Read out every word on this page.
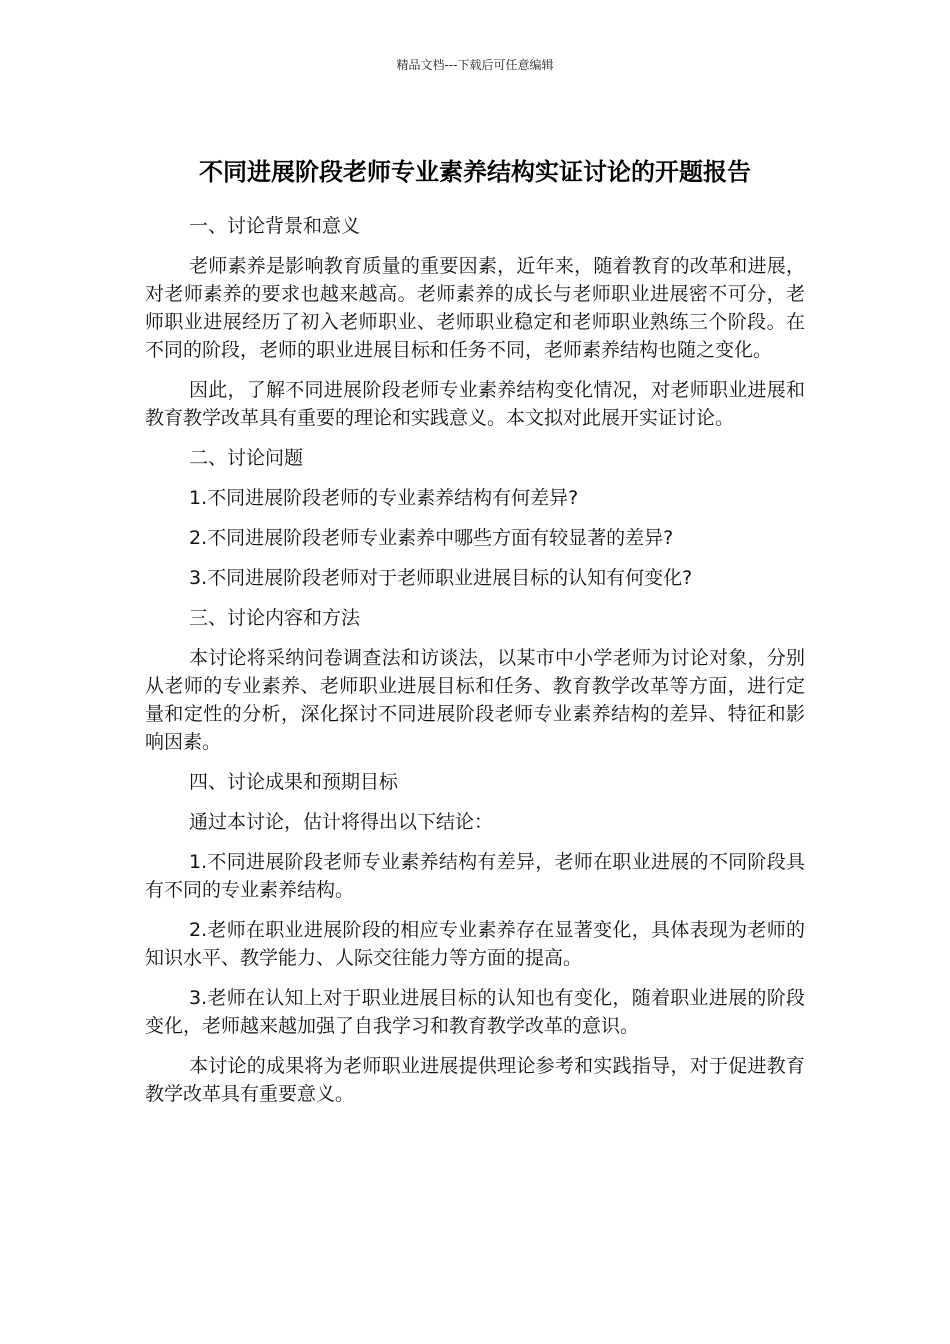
精品文档---下载后可任意编辑
不同进展阶段老师专业素养结构实证讨论的开题报告

一、讨论背景和意义

老师素养是影响教育质量的重要因素，近年来，随着教育的改革和进展，对老师素养的要求也越来越高。老师素养的成长与老师职业进展密不可分，老师职业进展经历了初入老师职业、老师职业稳定和老师职业熟练三个阶段。在不同的阶段，老师的职业进展目标和任务不同，老师素养结构也随之变化。

因此，了解不同进展阶段老师专业素养结构变化情况，对老师职业进展和教育教学改革具有重要的理论和实践意义。本文拟对此展开实证讨论。

二、讨论问题

1.不同进展阶段老师的专业素养结构有何差异?

2.不同进展阶段老师专业素养中哪些方面有较显著的差异?

3.不同进展阶段老师对于老师职业进展目标的认知有何变化?

三、讨论内容和方法

本讨论将采纳问卷调查法和访谈法，以某市中小学老师为讨论对象，分别从老师的专业素养、老师职业进展目标和任务、教育教学改革等方面，进行定量和定性的分析，深化探讨不同进展阶段老师专业素养结构的差异、特征和影响因素。

四、讨论成果和预期目标

通过本讨论，估计将得出以下结论：

1.不同进展阶段老师专业素养结构有差异，老师在职业进展的不同阶段具有不同的专业素养结构。

2.老师在职业进展阶段的相应专业素养存在显著变化，具体表现为老师的知识水平、教学能力、人际交往能力等方面的提高。

3.老师在认知上对于职业进展目标的认知也有变化，随着职业进展的阶段变化，老师越来越加强了自我学习和教育教学改革的意识。

本讨论的成果将为老师职业进展提供理论参考和实践指导，对于促进教育教学改革具有重要意义。
